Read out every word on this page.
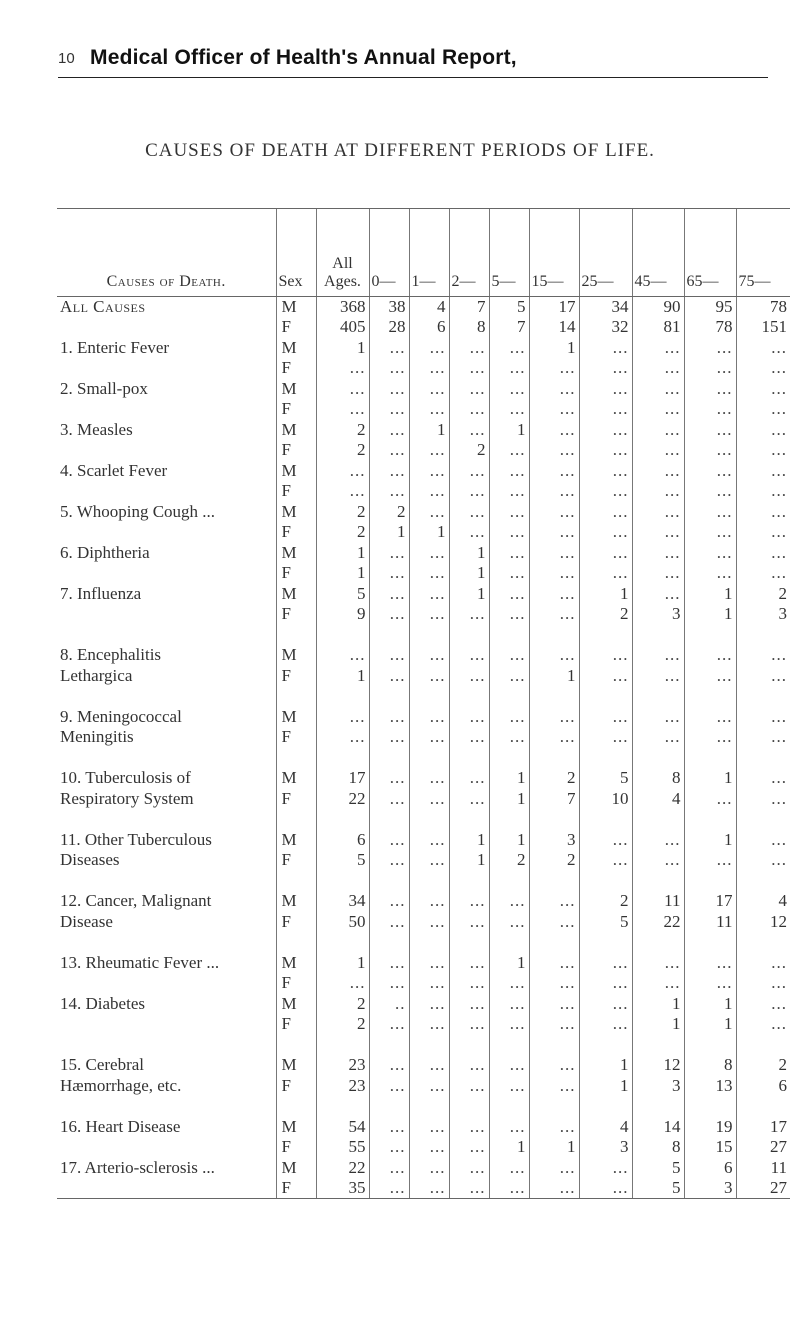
10 Medical Officer of Health's Annual Report,
CAUSES OF DEATH AT DIFFERENT PERIODS OF LIFE.
Causes of Death.	Sex	All Ages.	0—	1—	2—	5—	15—	25—	45—	65—	75—
All Causes	M	368	38	4	7	5	17	34	90	95	78
	F	405	28	6	8	7	14	32	81	78	151
1. Enteric Fever	M	1	...	...	...	...	1	...	...	...	...
	F	...	...	...	...	...	...	...	...	...	...
2. Small-pox	M	...	...	...	...	...	...	...	...	...	...
	F	...	...	...	...	...	...	...	...	...	...
3. Measles	M	2	...	1	...	1	...	...	...	...	...
	F	2	...	...	2	...	...	...	...	...	...
4. Scarlet Fever	M	...	...	...	...	...	...	...	...	...	...
	F	...	...	...	...	...	...	...	...	...	...
5. Whooping Cough ...	M	2	2	...	...	...	...	...	...	...	...
	F	2	1	1	...	...	...	...	...	...	...
6. Diphtheria	M	1	...	...	1	...	...	...	...	...	...
	F	1	...	...	1	...	...	...	...	...	...
7. Influenza	M	5	...	...	1	...	...	1	...	1	2
	F	9	...	...	...	...	...	2	3	1	3

8. Encephalitis	M	...	...	...	...	...	...	...	...	...	...
Lethargica	F	1	...	...	...	...	1	...	...	...	...

9. Meningococcal	M	...	...	...	...	...	...	...	...	...	...
Meningitis	F	...	...	...	...	...	...	...	...	...	...

10. Tuberculosis of	M	17	...	...	...	1	2	5	8	1	...
Respiratory System	F	22	...	...	...	1	7	10	4	...	...

11. Other Tuberculous	M	6	...	...	1	1	3	...	...	1	...
Diseases	F	5	...	...	1	2	2	...	...	...	...

12. Cancer, Malignant	M	34	...	...	...	...	...	2	11	17	4
Disease	F	50	...	...	...	...	...	5	22	11	12

13. Rheumatic Fever ...	M	1	...	...	...	1	...	...	...	...	...
	F	...	...	...	...	...	...	...	...	...	...
14. Diabetes	M	2	..	...	...	...	...	...	1	1	...
	F	2	...	...	...	...	...	...	1	1	...

15. Cerebral	M	23	...	...	...	...	...	1	12	8	2
Hæmorrhage, etc.	F	23	...	...	...	...	...	1	3	13	6

16. Heart Disease	M	54	...	...	...	...	...	4	14	19	17
	F	55	...	...	...	1	1	3	8	15	27
17. Arterio-sclerosis ...	M	22	...	...	...	...	...	...	5	6	11
	F	35	...	...	...	...	...	...	5	3	27
